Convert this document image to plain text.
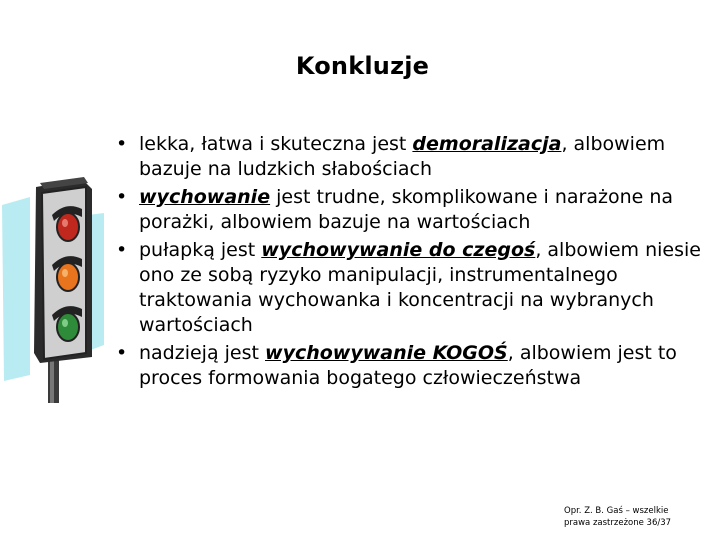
Konkluzje
• lekka, łatwa i skuteczna jest demoralizacja, albowiem bazuje na ludzkich słabościach
• wychowanie jest trudne, skomplikowane i narażone na porażki, albowiem bazuje na wartościach
• pułapką jest wychowywanie do czegoś, albowiem niesie ono ze sobą ryzyko manipulacji, instrumentalnego traktowania wychowanka i koncentracji na wybranych wartościach
• nadzieją jest wychowywanie KOGOŚ, albowiem jest to proces formowania bogatego człowieczeństwa
Opr. Z. B. Gaś – wszelkie
prawa zastrzeżone 36/37
